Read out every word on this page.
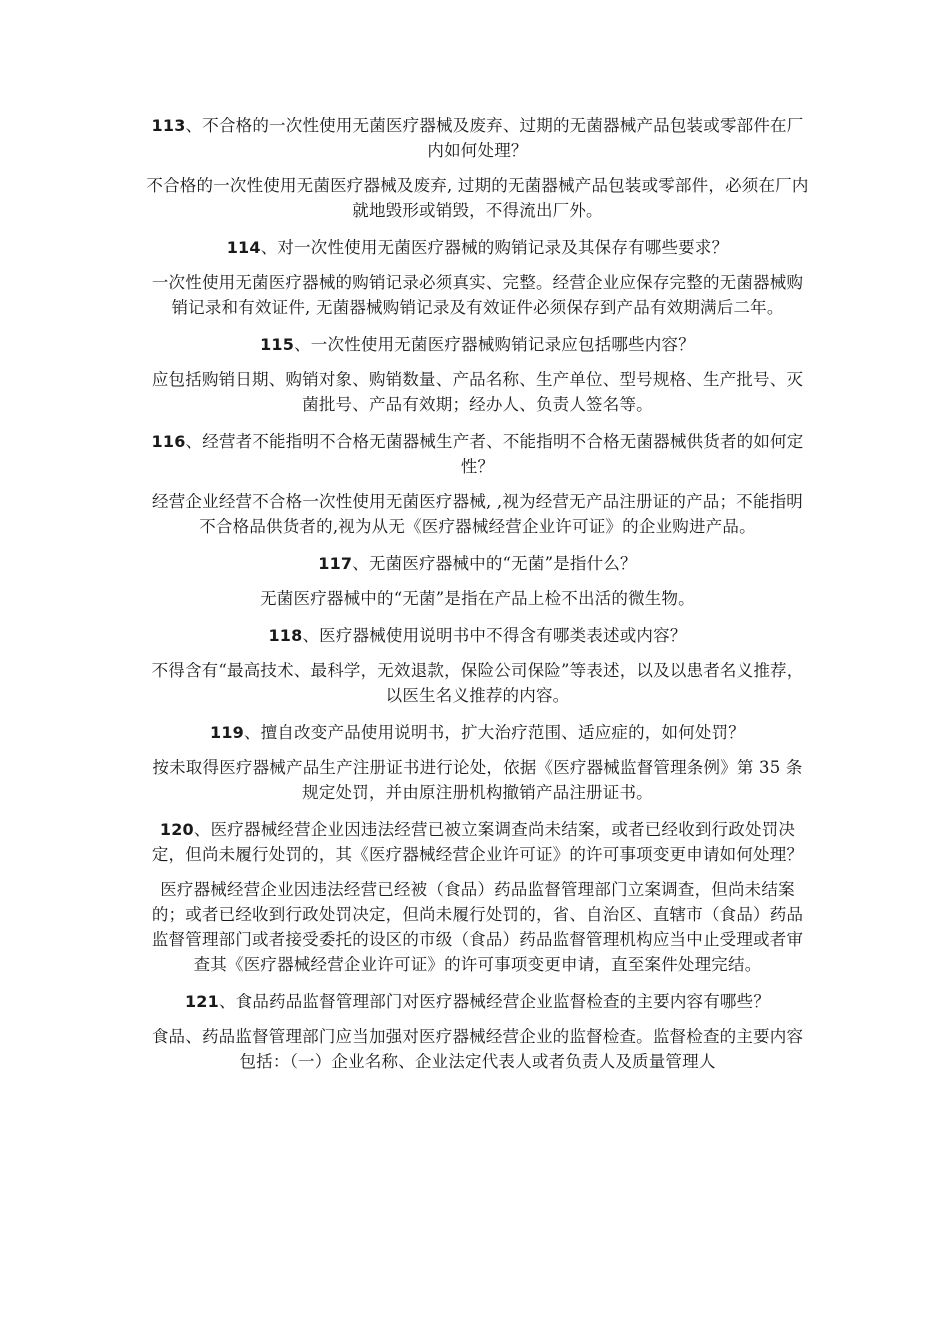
113、不合格的一次性使用无菌医疗器械及废弃、过期的无菌器械产品包装或零部件在厂内如何处理？

不合格的一次性使用无菌医疗器械及废弃, 过期的无菌器械产品包装或零部件，必须在厂内就地毁形或销毁，不得流出厂外。

114、对一次性使用无菌医疗器械的购销记录及其保存有哪些要求？

一次性使用无菌医疗器械的购销记录必须真实、完整。经营企业应保存完整的无菌器械购销记录和有效证件, 无菌器械购销记录及有效证件必须保存到产品有效期满后二年。

115、一次性使用无菌医疗器械购销记录应包括哪些内容？

应包括购销日期、购销对象、购销数量、产品名称、生产单位、型号规格、生产批号、灭菌批号、产品有效期；经办人、负责人签名等。

116、经营者不能指明不合格无菌器械生产者、不能指明不合格无菌器械供货者的如何定性？

经营企业经营不合格一次性使用无菌医疗器械, ,视为经营无产品注册证的产品；不能指明不合格品供货者的,视为从无《医疗器械经营企业许可证》的企业购进产品。

117、无菌医疗器械中的“无菌”是指什么？

无菌医疗器械中的“无菌”是指在产品上检不出活的微生物。

118、医疗器械使用说明书中不得含有哪类表述或内容？

不得含有“最高技术、最科学，无效退款，保险公司保险”等表述，以及以患者名义推荐，以医生名义推荐的内容。

119、擅自改变产品使用说明书，扩大治疗范围、适应症的，如何处罚？

按未取得医疗器械产品生产注册证书进行论处，依据《医疗器械监督管理条例》第 35 条规定处罚，并由原注册机构撤销产品注册证书。

120、医疗器械经营企业因违法经营已被立案调查尚未结案，或者已经收到行政处罚决定，但尚未履行处罚的，其《医疗器械经营企业许可证》的许可事项变更申请如何处理？

医疗器械经营企业因违法经营已经被（食品）药品监督管理部门立案调查，但尚未结案的；或者已经收到行政处罚决定，但尚未履行处罚的，省、自治区、直辖市（食品）药品监督管理部门或者接受委托的设区的市级（食品）药品监督管理机构应当中止受理或者审查其《医疗器械经营企业许可证》的许可事项变更申请，直至案件处理完结。

121、食品药品监督管理部门对医疗器械经营企业监督检查的主要内容有哪些？

食品、药品监督管理部门应当加强对医疗器械经营企业的监督检查。监督检查的主要内容包括：（一）企业名称、企业法定代表人或者负责人及质量管理人
